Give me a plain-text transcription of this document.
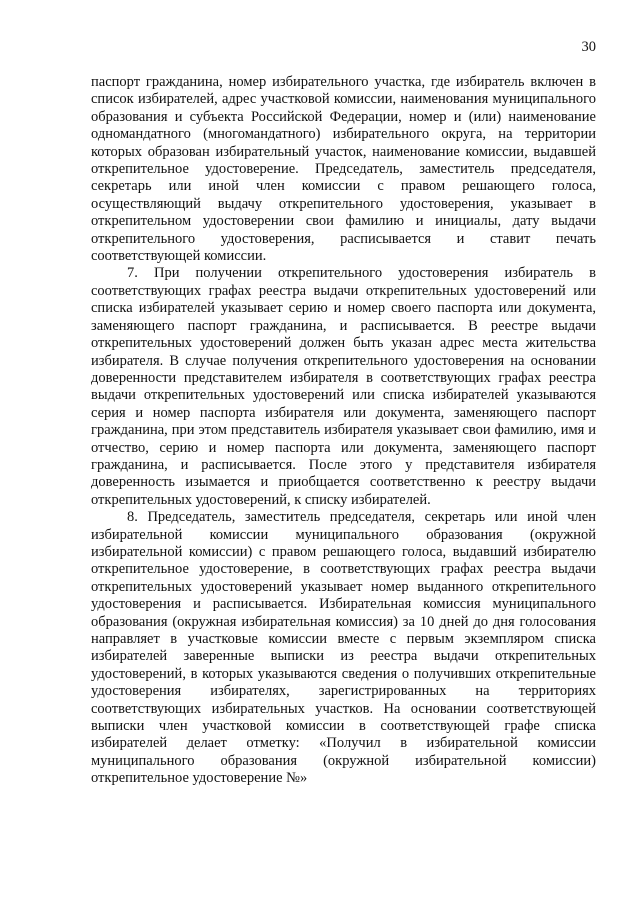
30

паспорт гражданина, номер избирательного участка, где избиратель включен в список избирателей, адрес участковой комиссии, наименования муниципального образования и субъекта Российской Федерации, номер и (или) наименование одномандатного (многомандатного) избирательного округа, на территории которых образован избирательный участок, наименование комиссии, выдавшей открепительное удостоверение. Председатель, заместитель председателя, секретарь или иной член комиссии с правом решающего голоса, осуществляющий выдачу открепительного удостоверения, указывает в открепительном удостоверении свои фамилию и инициалы, дату выдачи открепительного удостоверения, расписывается и ставит печать соответствующей комиссии.

7. При получении открепительного удостоверения избиратель в соответствующих графах реестра выдачи открепительных удостоверений или списка избирателей указывает серию и номер своего паспорта или документа, заменяющего паспорт гражданина, и расписывается. В реестре выдачи открепительных удостоверений должен быть указан адрес места жительства избирателя. В случае получения открепительного удостоверения на основании доверенности представителем избирателя в соответствующих графах реестра выдачи открепительных удостоверений или списка избирателей указываются серия и номер паспорта избирателя или документа, заменяющего паспорт гражданина, при этом представитель избирателя указывает свои фамилию, имя и отчество, серию и номер паспорта или документа, заменяющего паспорт гражданина, и расписывается. После этого у представителя избирателя доверенность изымается и приобщается соответственно к реестру выдачи открепительных удостоверений, к списку избирателей.

8. Председатель, заместитель председателя, секретарь или иной член избирательной комиссии муниципального образования (окружной избирательной комиссии) с правом решающего голоса, выдавший избирателю открепительное удостоверение, в соответствующих графах реестра выдачи открепительных удостоверений указывает номер выданного открепительного удостоверения и расписывается. Избирательная комиссия муниципального образования (окружная избирательная комиссия) за 10 дней до дня голосования направляет в участковые комиссии вместе с первым экземпляром списка избирателей заверенные выписки из реестра выдачи открепительных удостоверений, в которых указываются сведения о получивших открепительные удостоверения избирателях, зарегистрированных на территориях соответствующих избирательных участков. На основании соответствующей выписки член участковой комиссии в соответствующей графе списка избирателей делает отметку: «Получил в избирательной комиссии муниципального образования (окружной избирательной комиссии) открепительное удостоверение №»
